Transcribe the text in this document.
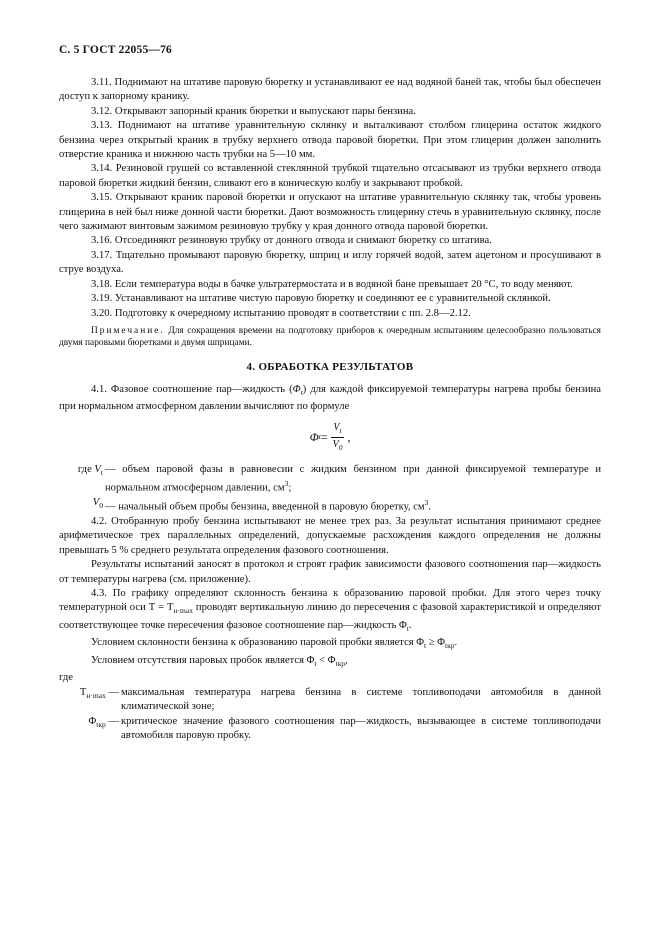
С. 5 ГОСТ 22055—76

3.11. Поднимают на штативе паровую бюретку и устанавливают ее над водяной баней так, чтобы был обеспечен доступ к запорному кранику.

3.12. Открывают запорный краник бюретки и выпускают пары бензина.

3.13. Поднимают на штативе уравнительную склянку и выталкивают столбом глицерина остаток жидкого бензина через открытый краник в трубку верхнего отвода паровой бюретки. При этом глицерин должен заполнить отверстие краника и нижнюю часть трубки на 5—10 мм.

3.14. Резиновой грушей со вставленной стеклянной трубкой тщательно отсасывают из трубки верхнего отвода паровой бюретки жидкий бензин, сливают его в коническую колбу и закрывают пробкой.

3.15. Открывают краник паровой бюретки и опускают на штативе уравнительную склянку так, чтобы уровень глицерина в ней был ниже донной части бюретки. Дают возможность глицерину стечь в уравнительную склянку, после чего зажимают винтовым зажимом резиновую трубку у края донного отвода паровой бюретки.

3.16. Отсоединяют резиновую трубку от донного отвода и снимают бюретку со штатива.

3.17. Тщательно промывают паровую бюретку, шприц и иглу горячей водой, затем ацетоном и просушивают в струе воздуха.

3.18. Если температура воды в бачке ультратермостата и в водяной бане превышает 20 °С, то воду меняют.

3.19. Устанавливают на штативе чистую паровую бюретку и соединяют ее с уравнительной склянкой.

3.20. Подготовку к очередному испытанию проводят в соответствии с пп. 2.8—2.12.

Примечание. Для сокращения времени на подготовку приборов к очередным испытаниям целесообразно пользоваться двумя паровыми бюретками и двумя шприцами.

4. ОБРАБОТКА РЕЗУЛЬТАТОВ

4.1. Фазовое соотношение пар—жидкость $(\Phi_t)$ для каждой фиксируемой температуры нагрева пробы бензина при нормальном атмосферном давлении вычисляют по формуле

Φ $t = \frac{V_t}{V_0}$ ,
где $V_t$ — объем паровой фазы в равновесии с жидким бензином при данной фиксируемой температуре и нормальном атмосферном давлении, $см^3$;
$V_0$ — начальный объем пробы бензина, введенной в паровую бюретку, $см^3$.

4.2. Отобранную пробу бензина испытывают не менее трех раз. За результат испытания принимают среднее арифметическое трех параллельных определений, допускаемые расхождения каждого определения не должны превышать 5 % среднего результата определения фазового соотношения.

Результаты испытаний заносят в протокол и строят график зависимости фазового соотношения пар—жидкость от температуры нагрева (см. приложение).

4.3. По графику определяют склонность бензина к образованию паровой пробки. Для этого через точку температурной оси $Т = Т_{н\cdot max}$ проводят вертикальную линию до пересечения с фазовой характеристикой и определяют соответствующее точке пересечения фазовое соотношение пар—жидкость $\Phi_t$.

Условием склонности бензина к образованию паровой пробки является $\Phi_t \ge \Phi_{tкр}$.

Условием отсутствия паровых пробок является $\Phi_t < \Phi_{tкр}$,

где

$Т_{н\cdot max}$ — максимальная температура нагрева бензина в системе топливоподачи автомобиля в данной климатической зоне;
$\Phi_{tкр}$ — критическое значение фазового соотношения пар—жидкость, вызывающее в системе топливоподачи автомобиля паровую пробку.
